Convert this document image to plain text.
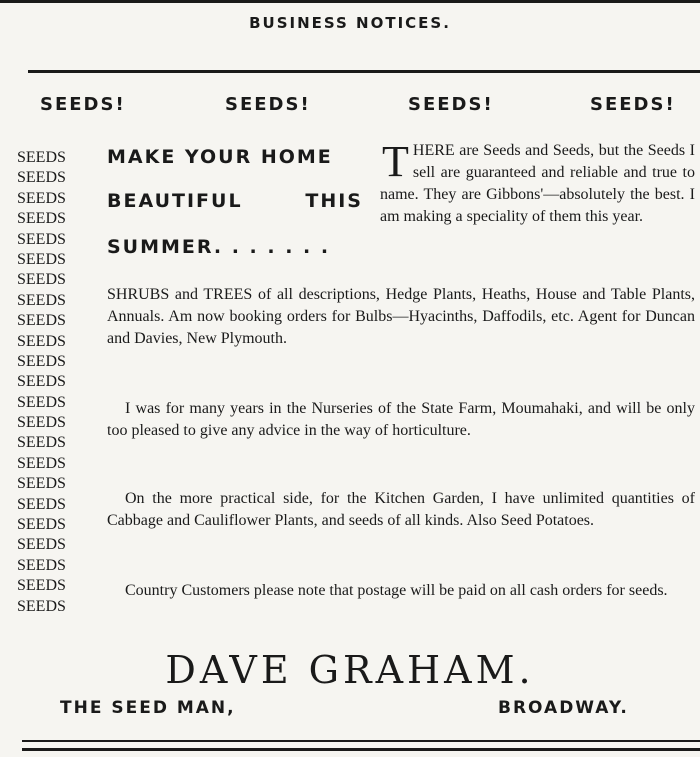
BUSINESS NOTICES.
SEEDS!	SEEDS!	SEEDS!	SEEDS!
SEEDS
SEEDS
SEEDS
SEEDS
SEEDS
SEEDS
SEEDS
SEEDS
SEEDS
SEEDS
SEEDS
SEEDS
SEEDS
SEEDS
SEEDS
SEEDS
SEEDS
SEEDS
SEEDS
SEEDS
SEEDS
SEEDS
SEEDS
MAKE YOUR HOME
BEAUTIFUL	THIS
SUMMER. . . . . . .

THERE are Seeds and Seeds, but the Seeds I sell are guaranteed and reliable and true to name. They are Gibbons'—absolutely the best. I am making a speciality of them this year.

SHRUBS and TREES of all descriptions, Hedge Plants, Heaths, House and Table Plants, Annuals. Am now booking orders for Bulbs—Hyacinths, Daffodils, etc. Agent for Duncan and Davies, New Plymouth.

I was for many years in the Nurseries of the State Farm, Moumahaki, and will be only too pleased to give any advice in the way of horticulture.

On the more practical side, for the Kitchen Garden, I have unlimited quantities of Cabbage and Cauliflower Plants, and seeds of all kinds. Also Seed Potatoes.

Country Customers please note that postage will be paid on all cash orders for seeds.

DAVE GRAHAM.
THE SEED MAN,	BROADWAY.
